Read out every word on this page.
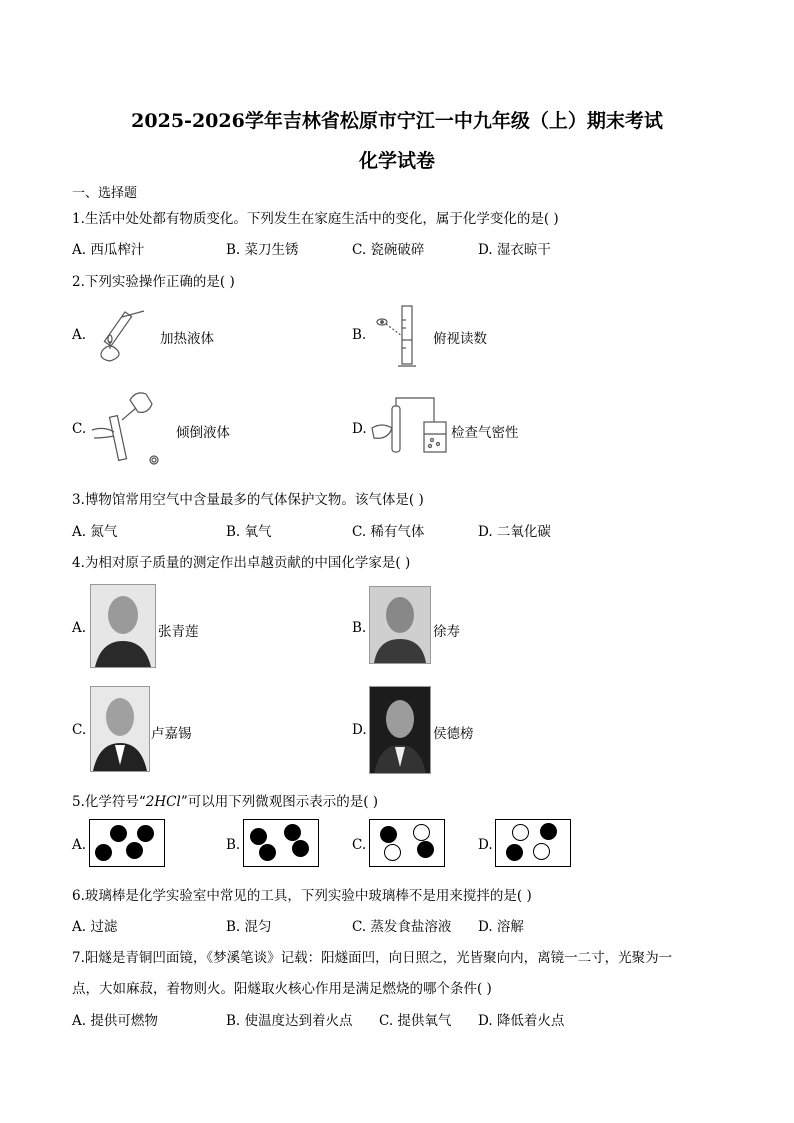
2025-2026学年吉林省松原市宁江一中九年级（上）期末考试
化学试卷
一、选择题
1.生活中处处都有物质变化。下列发生在家庭生活中的变化，属于化学变化的是( )
A. 西瓜榨汁	B. 菜刀生锈	C. 瓷碗破碎	D. 湿衣晾干
2.下列实验操作正确的是( )
A.	加热液体	B.	俯视读数
C.	倾倒液体	D.	检查气密性
3.博物馆常用空气中含量最多的气体保护文物。该气体是( )
A. 氮气	B. 氧气	C. 稀有气体	D. 二氧化碳
4.为相对原子质量的测定作出卓越贡献的中国化学家是( )
A.	张青莲	B.	徐寿
C.	卢嘉锡	D.	侯德榜
5.化学符号“2HCl”可以用下列微观图示表示的是( )
A.	B.	C.	D.
6.玻璃棒是化学实验室中常见的工具，下列实验中玻璃棒不是用来搅拌的是( )
A. 过滤	B. 混匀	C. 蒸发食盐溶液 D. 溶解
7.阳燧是青铜凹面镜，《梦溪笔谈》记载：阳燧面凹，向日照之，光皆聚向内，离镜一二寸，光聚为一
点，大如麻菽，着物则火。阳燧取火核心作用是满足燃烧的哪个条件( )
A. 提供可燃物	B. 使温度达到着火点 C. 提供氧气 D. 降低着火点
